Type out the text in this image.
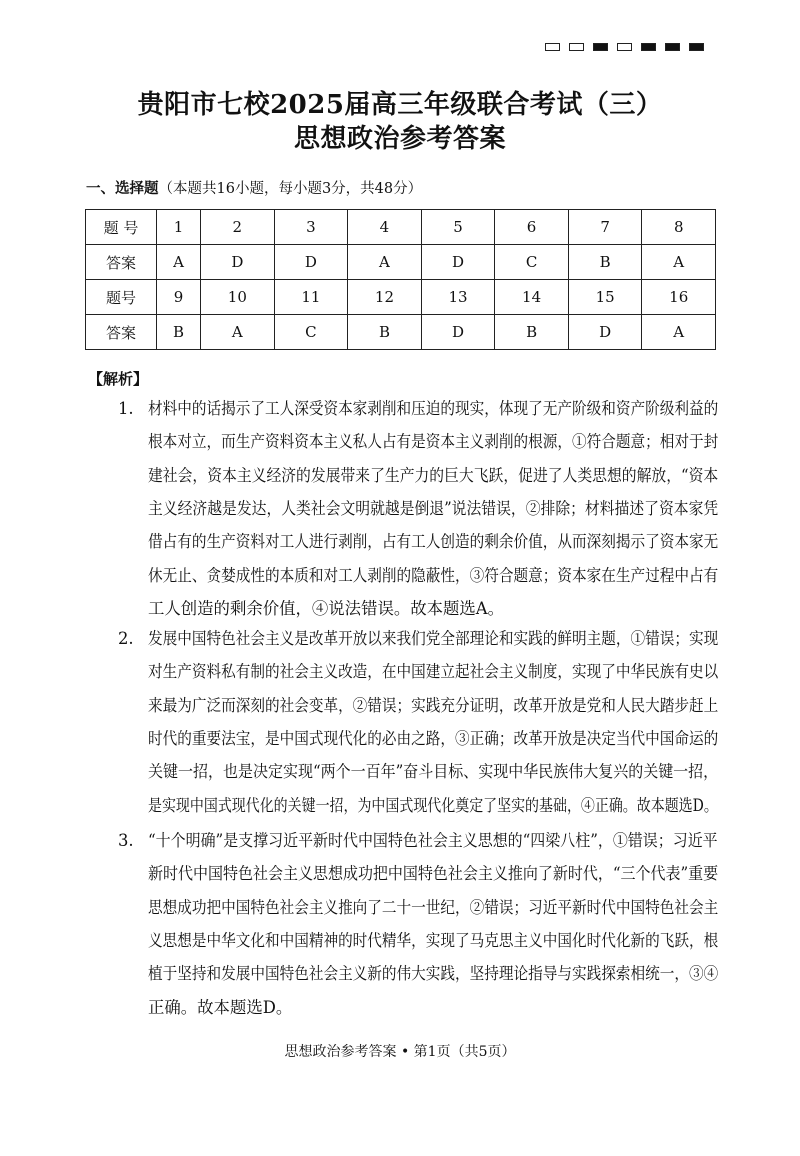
贵阳市七校2025届高三年级联合考试（三）
思想政治参考答案
一、选择题（本题共16小题，每小题3分，共48分）
题 号	1	2	3	4	5	6	7	8
答案	A	D	D	A	D	C	B	A
题号	9	10	11	12	13	14	15	16
答案	B	A	C	B	D	B	D	A
【解析】
1. 材料中的话揭示了工人深受资本家剥削和压迫的现实，体现了无产阶级和资产阶级利益的
根本对立，而生产资料资本主义私人占有是资本主义剥削的根源，①符合题意；相对于封
建社会，资本主义经济的发展带来了生产力的巨大飞跃，促进了人类思想的解放，“资本
主义经济越是发达，人类社会文明就越是倒退”说法错误，②排除；材料描述了资本家凭
借占有的生产资料对工人进行剥削，占有工人创造的剩余价值，从而深刻揭示了资本家无
休无止、贪婪成性的本质和对工人剥削的隐蔽性，③符合题意；资本家在生产过程中占有
工人创造的剩余价值，④说法错误。故本题选A。
2. 发展中国特色社会主义是改革开放以来我们党全部理论和实践的鲜明主题，①错误；实现
对生产资料私有制的社会主义改造，在中国建立起社会主义制度，实现了中华民族有史以
来最为广泛而深刻的社会变革，②错误；实践充分证明，改革开放是党和人民大踏步赶上
时代的重要法宝，是中国式现代化的必由之路，③正确；改革开放是决定当代中国命运的
关键一招，也是决定实现“两个一百年”奋斗目标、实现中华民族伟大复兴的关键一招，
是实现中国式现代化的关键一招，为中国式现代化奠定了坚实的基础，④正确。故本题选D。
3. “十个明确”是支撑习近平新时代中国特色社会主义思想的“四梁八柱”，①错误；习近平
新时代中国特色社会主义思想成功把中国特色社会主义推向了新时代，“三个代表”重要
思想成功把中国特色社会主义推向了二十一世纪，②错误；习近平新时代中国特色社会主
义思想是中华文化和中国精神的时代精华，实现了马克思主义中国化时代化新的飞跃，根
植于坚持和发展中国特色社会主义新的伟大实践，坚持理论指导与实践探索相统一，③④
正确。故本题选D。
思想政治参考答案 • 第1页（共5页）
